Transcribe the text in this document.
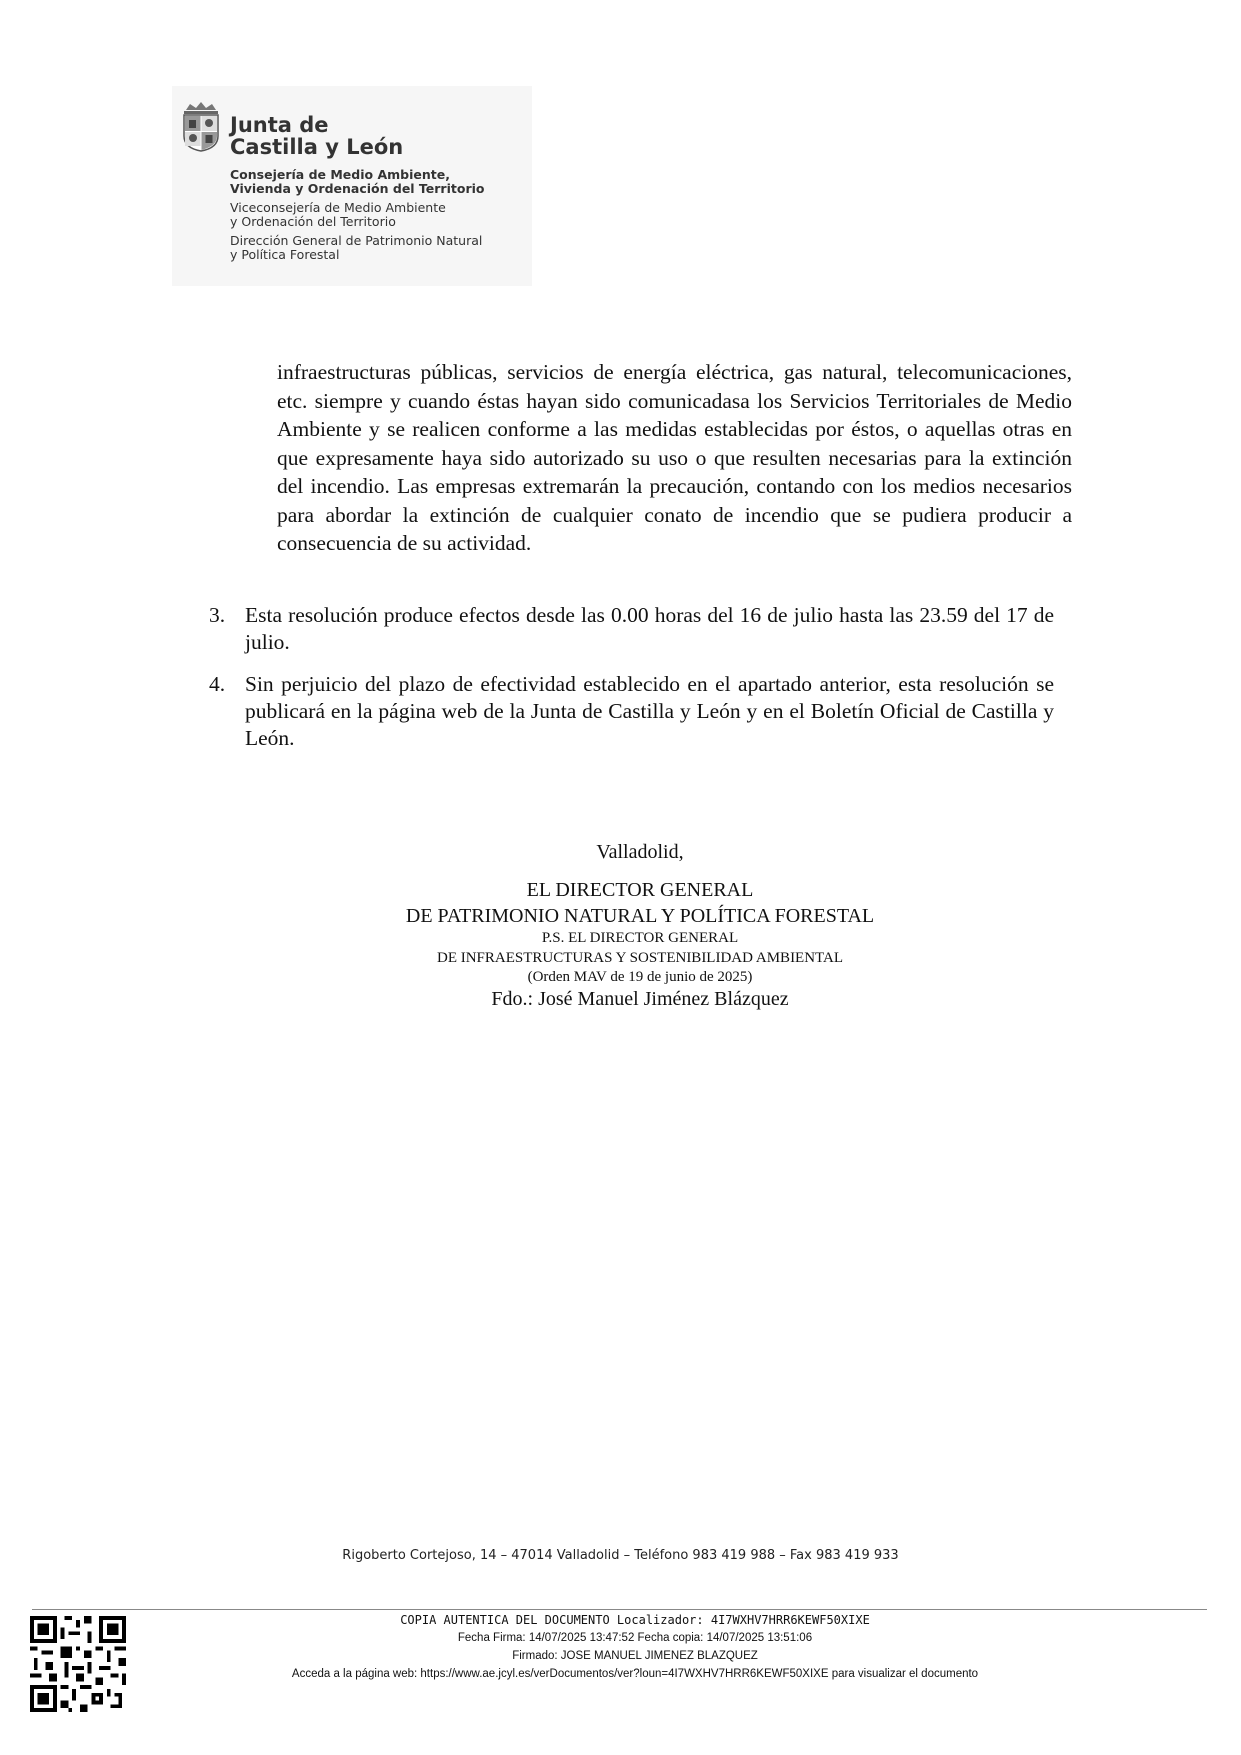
Junta de
Castilla y León
Consejería de Medio Ambiente,
Vivienda y Ordenación del Territorio
Viceconsejería de Medio Ambiente
y Ordenación del Territorio
Dirección General de Patrimonio Natural
y Política Forestal
infraestructuras públicas, servicios de energía eléctrica, gas natural, telecomunicaciones, etc. siempre y cuando éstas hayan sido comunicadasa los Servicios Territoriales de Medio Ambiente y se realicen conforme a las medidas establecidas por éstos, o aquellas otras en que expresamente haya sido autorizado su uso o que resulten necesarias para la extinción del incendio. Las empresas extremarán la precaución, contando con los medios necesarios para abordar la extinción de cualquier conato de incendio que se pudiera producir a consecuencia de su actividad.
3. Esta resolución produce efectos desde las 0.00 horas del 16 de julio hasta las 23.59 del 17 de julio.
4. Sin perjuicio del plazo de efectividad establecido en el apartado anterior, esta resolución se publicará en la página web de la Junta de Castilla y León y en el Boletín Oficial de Castilla y León.
Valladolid,
EL DIRECTOR GENERAL
DE PATRIMONIO NATURAL Y POLÍTICA FORESTAL
P.S. EL DIRECTOR GENERAL
DE INFRAESTRUCTURAS Y SOSTENIBILIDAD AMBIENTAL
(Orden MAV de 19 de junio de 2025)
Fdo.: José Manuel Jiménez Blázquez
Rigoberto Cortejoso, 14 – 47014 Valladolid – Teléfono 983 419 988 – Fax 983 419 933
COPIA AUTENTICA DEL DOCUMENTO Localizador: 4I7WXHV7HRR6KEWF50XIXE
Fecha Firma: 14/07/2025 13:47:52 Fecha copia: 14/07/2025 13:51:06
Firmado: JOSE MANUEL JIMENEZ BLAZQUEZ
Acceda a la página web: https://www.ae.jcyl.es/verDocumentos/ver?loun=4I7WXHV7HRR6KEWF50XIXE para visualizar el documento
